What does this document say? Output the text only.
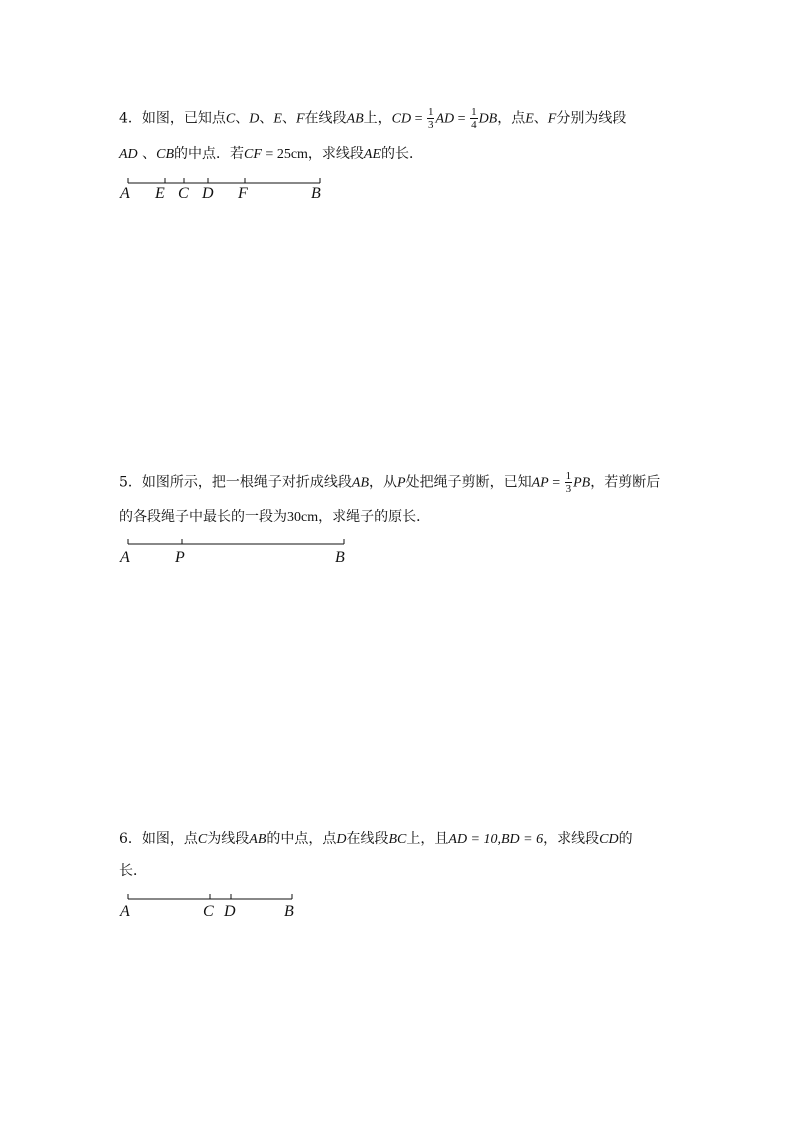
4．如图，已知点C、D、E、F在线段AB上，CD = $\frac{1}{3}$ AD = $\frac{1}{4}$ DB，点E、F分别为线段
AD 、CB的中点．若CF = 25cm，求线段AE的长．
A E C D F	B
A	P	B
A	C D	B
5．如图所示，把一根绳子对折成线段AB，从P处把绳子剪断，已知AP = $\frac{1}{3}$ PB，若剪断后
的各段绳子中最长的一段为30cm，求绳子的原长．
6．如图，点C为线段AB的中点，点D在线段BC上，且AD = 10,BD = 6，求线段CD的
长．
